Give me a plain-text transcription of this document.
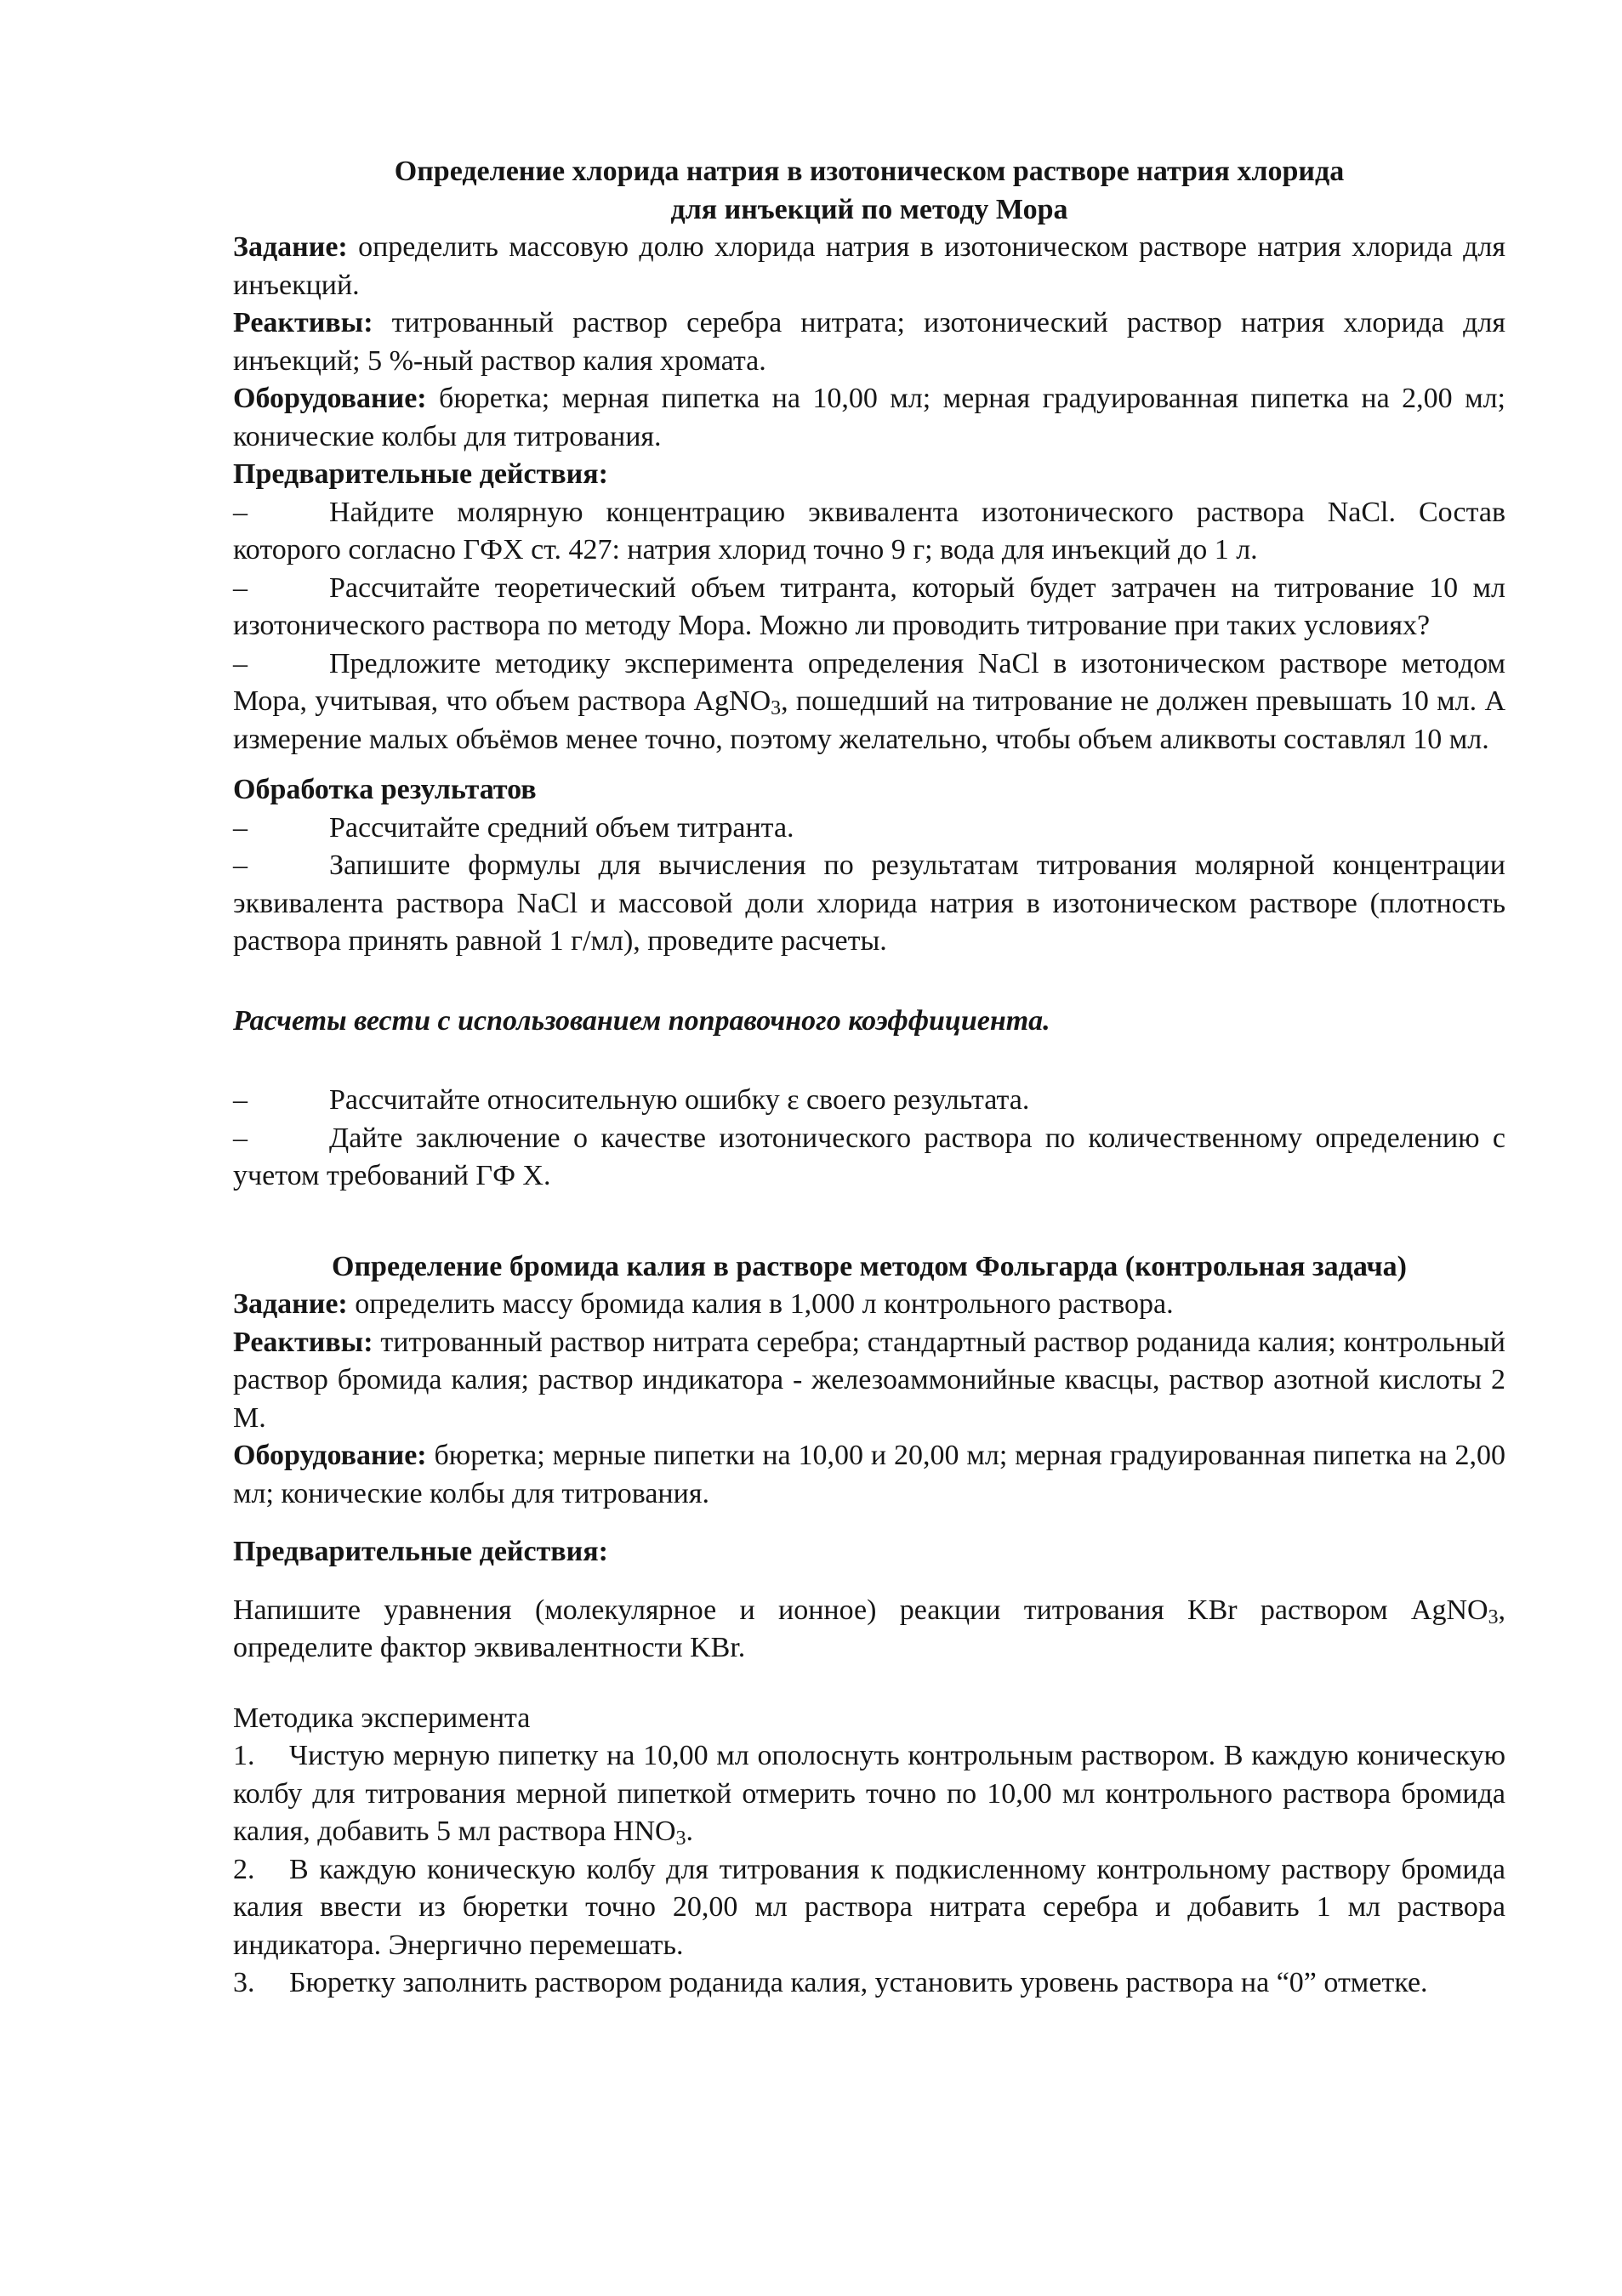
Определение хлорида натрия в изотоническом растворе натрия хлорида

для инъекций по методу Мора

Задание: определить массовую долю хлорида натрия в изотоническом растворе натрия хлорида для инъекций.

Реактивы: титрованный раствор серебра нитрата; изотонический раствор натрия хлорида для инъекций; 5 %-ный раствор калия хромата.

Оборудование: бюретка; мерная пипетка на 10,00 мл; мерная градуированная пипетка на 2,00 мл; конические колбы для титрования.

Предварительные действия:

–	Найдите молярную концентрацию эквивалента изотонического раствора NaCl. Состав которого согласно ГФХ ст. 427: натрия хлорид точно 9 г; вода для инъекций до 1 л.

–	Рассчитайте теоретический объем титранта, который будет затрачен на титрование 10 мл изотонического раствора по методу Мора. Можно ли проводить титрование при таких условиях?

–	Предложите методику эксперимента определения NaCl в изотоническом растворе методом Мора, учитывая, что объем раствора AgNO$_3$, пошедший на титрование не должен превышать 10 мл. А измерение малых объёмов менее точно, поэтому желательно, чтобы объем аликвоты составлял 10 мл.

Обработка результатов

–	Рассчитайте средний объем титранта.

–	Запишите формулы для вычисления по результатам титрования молярной концентрации эквивалента раствора NaCl и массовой доли хлорида натрия в изотоническом растворе (плотность раствора принять равной 1 г/мл), проведите расчеты.

Расчеты вести с использованием поправочного коэффициента.

–	Рассчитайте относительную ошибку ε своего результата.

–	Дайте заключение о качестве изотонического раствора по количественному определению с учетом требований ГФ Х.

Определение бромида калия в растворе методом Фольгарда (контрольная задача)

Задание: определить массу бромида калия в 1,000 л контрольного раствора.

Реактивы: титрованный раствор нитрата серебра; стандартный раствор роданида калия; контрольный раствор бромида калия; раствор индикатора - железоаммонийные квасцы, раствор азотной кислоты 2 М.

Оборудование: бюретка; мерные пипетки на 10,00 и 20,00 мл; мерная градуированная пипетка на 2,00 мл; конические колбы для титрования.

Предварительные действия:

Напишите уравнения (молекулярное и ионное) реакции титрования KBr раствором AgNO$_3$, определите фактор эквивалентности KBr.

Методика эксперимента

1. Чистую мерную пипетку на 10,00 мл ополоснуть контрольным раствором. В каждую коническую колбу для титрования мерной пипеткой отмерить точно по 10,00 мл контрольного раствора бромида калия, добавить 5 мл раствора $HNO_3$.

2. В каждую коническую колбу для титрования к подкисленному контрольному раствору бромида калия ввести из бюретки точно 20,00 мл раствора нитрата серебра и добавить 1 мл раствора индикатора. Энергично перемешать.

3. Бюретку заполнить раствором роданида калия, установить уровень раствора на “0” отметке.
